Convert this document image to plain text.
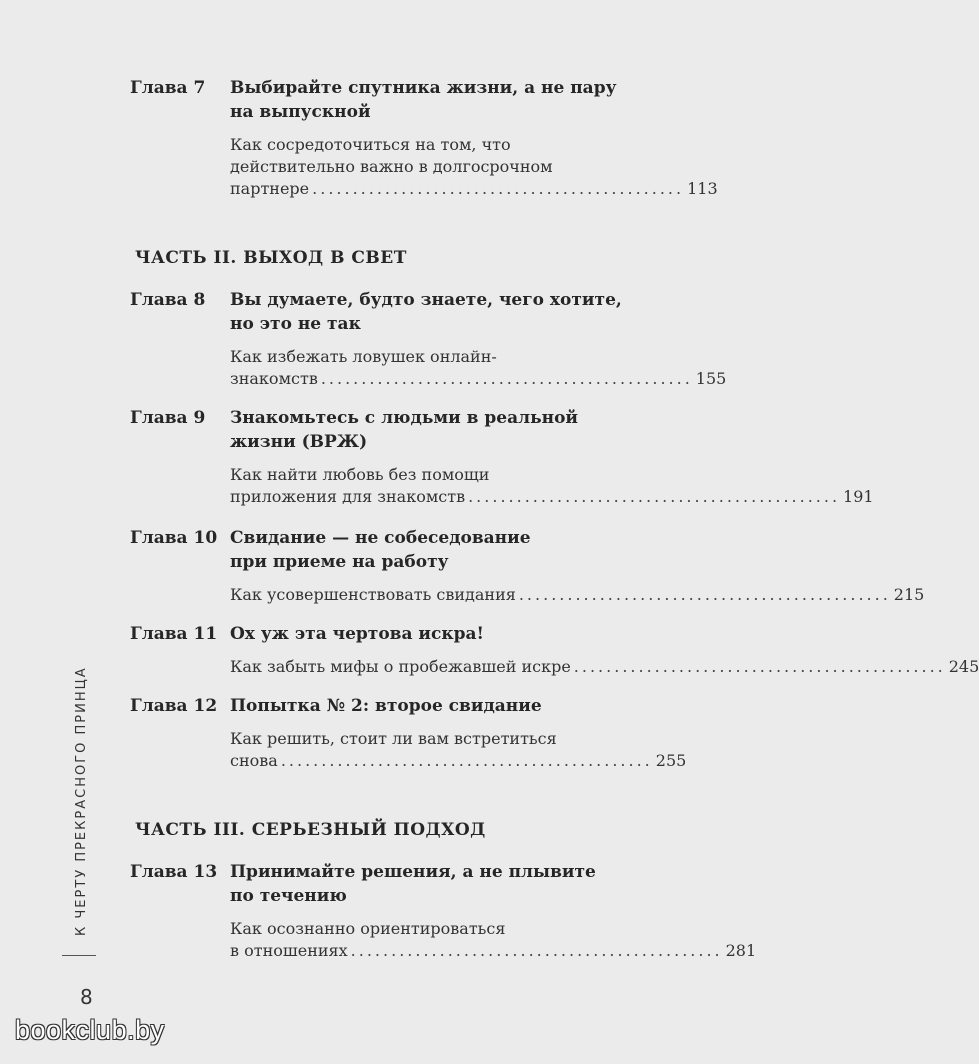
Глава 7	Выбирайте спутника жизни, а не пару
на выпускной
Как сосредоточиться на том, что
действительно важно в долгосрочном
партнере .............................................. 113
ЧАСТЬ II. ВЫХОД В СВЕТ
Глава 8	Вы думаете, будто знаете, чего хотите,
но это не так
Как избежать ловушек онлайн-
знакомств .............................................. 155
Глава 9	Знакомьтесь с людьми в реальной
жизни (ВРЖ)
Как найти любовь без помощи
приложения для знакомств .............................................. 191
Глава 10 Свидание — не собеседование
при приеме на работу
Как усовершенствовать свидания .............................................. 215
Глава 11 Ох уж эта чертова искра!
Как забыть мифы о пробежавшей искре .............................................. 245
Глава 12 Попытка № 2: второе свидание
Как решить, стоит ли вам встретиться
снова .............................................. 255
ЧАСТЬ III. СЕРЬЕЗНЫЙ ПОДХОД
Глава 13 Принимайте решения, а не плывите
по течению
Как осознанно ориентироваться
в отношениях .............................................. 281
К ЧЕРТУ ПРЕКРАСНОГО ПРИНЦА
8
bookclub.by
